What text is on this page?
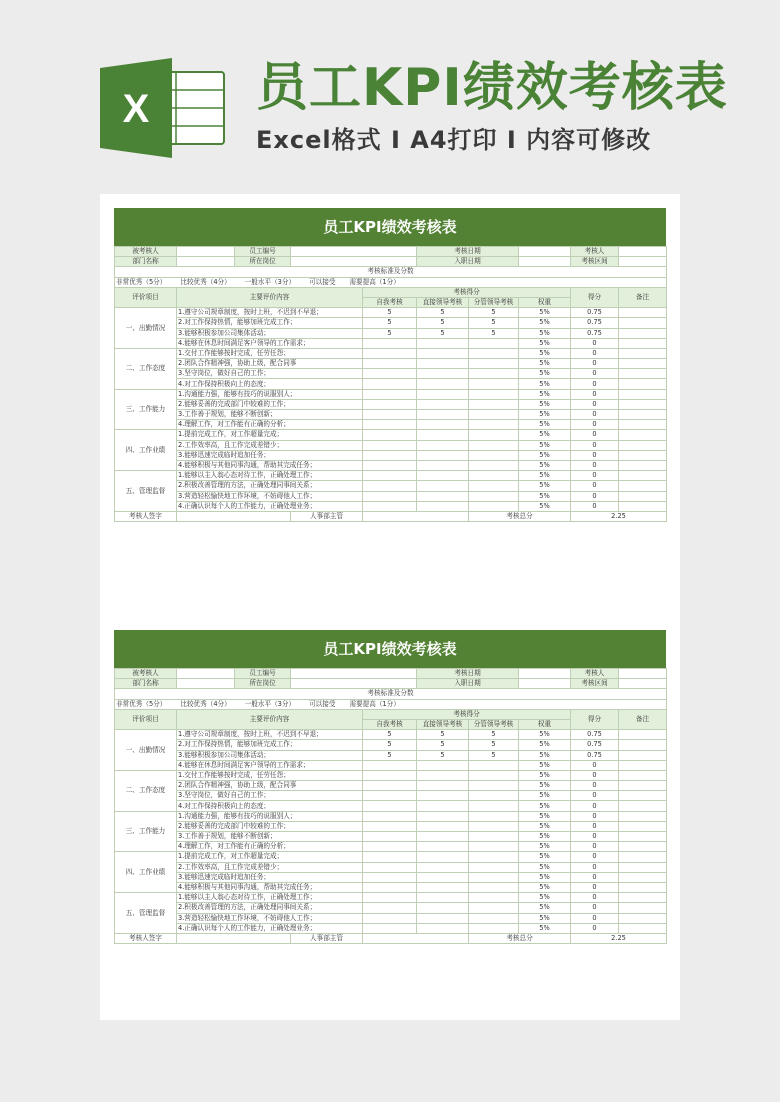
X 员工KPI绩效考核表
Excel格式 I A4打印 I 内容可修改
员工KPI绩效考核表
被考核人		员工编号			考核日期			考核人	
部门名称		所在岗位			入职日期			考核区间	
考核标准及分数									

非常优秀（5分） 比较优秀（4分） 一般水平（3分） 可以接受 需要提高（1分）									

评价项目	主要评价内容			考核得分				得分	备注
				自我考核	直接领导考核	分管领导考核	权重		
一、出勤情况	1.遵守公司规章制度，按时上班，不迟到不早退；			5	5	5	5%	0.75	
	2.对工作保持热情，能够加班完成工作；			5	5	5	5%	0.75	
	3.能够积极参加公司集体活动；			5	5	5	5%	0.75	
	4.能够在休息时间满足客户领导的工作需求；						5%	0	
二、工作态度	1.交付工作能够按时完成，任劳任怨；						5%	0	
	2.团队合作精神强，协助上级，配合同事						5%	0	
	3.坚守岗位，做好自己的工作；						5%	0	
	4.对工作保持积极向上的态度；						5%	0	
三、工作能力	1.沟通能力强，能够有技巧的说服别人；						5%	0	
	2.能够妥善的完成部门中较难的工作；						5%	0	
	3.工作善于规划，能够不断创新；						5%	0	
	4.理解工作，对工作能有正确的分析；						5%	0	
四、工作业绩	1.提前完成工作，对工作超量完成；						5%	0	
	2.工作效率高，且工作完成差错少；						5%	0	
	3.能够迅速完成临时追加任务；						5%	0	
	4.能够积极与其他同事沟通，帮助其完成任务；						5%	0	
五、管理监督	1.能够以主人翁心态对待工作，正确处理工作；						5%	0	
	2.积极改善管理的方法，正确处理同事间关系；						5%	0	
	3.营造轻松愉快地工作环境，不妨碍他人工作；						5%	0	
	4.正确认识每个人的工作能力，正确处理业务；						5%	0	
考核人签字			人事部主管			考核总分		2.25	
员工KPI绩效考核表
被考核人		员工编号			考核日期			考核人	
部门名称		所在岗位			入职日期			考核区间	
考核标准及分数									

非常优秀（5分） 比较优秀（4分） 一般水平（3分） 可以接受 需要提高（1分）									

评价项目	主要评价内容			考核得分				得分	备注
				自我考核	直接领导考核	分管领导考核	权重		
一、出勤情况	1.遵守公司规章制度，按时上班，不迟到不早退；			5	5	5	5%	0.75	
	2.对工作保持热情，能够加班完成工作；			5	5	5	5%	0.75	
	3.能够积极参加公司集体活动；			5	5	5	5%	0.75	
	4.能够在休息时间满足客户领导的工作需求；						5%	0	
二、工作态度	1.交付工作能够按时完成，任劳任怨；						5%	0	
	2.团队合作精神强，协助上级，配合同事						5%	0	
	3.坚守岗位，做好自己的工作；						5%	0	
	4.对工作保持积极向上的态度；						5%	0	
三、工作能力	1.沟通能力强，能够有技巧的说服别人；						5%	0	
	2.能够妥善的完成部门中较难的工作；						5%	0	
	3.工作善于规划，能够不断创新；						5%	0	
	4.理解工作，对工作能有正确的分析；						5%	0	
四、工作业绩	1.提前完成工作，对工作超量完成；						5%	0	
	2.工作效率高，且工作完成差错少；						5%	0	
	3.能够迅速完成临时追加任务；						5%	0	
	4.能够积极与其他同事沟通，帮助其完成任务；						5%	0	
五、管理监督	1.能够以主人翁心态对待工作，正确处理工作；						5%	0	
	2.积极改善管理的方法，正确处理同事间关系；						5%	0	
	3.营造轻松愉快地工作环境，不妨碍他人工作；						5%	0	
	4.正确认识每个人的工作能力，正确处理业务；						5%	0	
考核人签字			人事部主管			考核总分		2.25	
